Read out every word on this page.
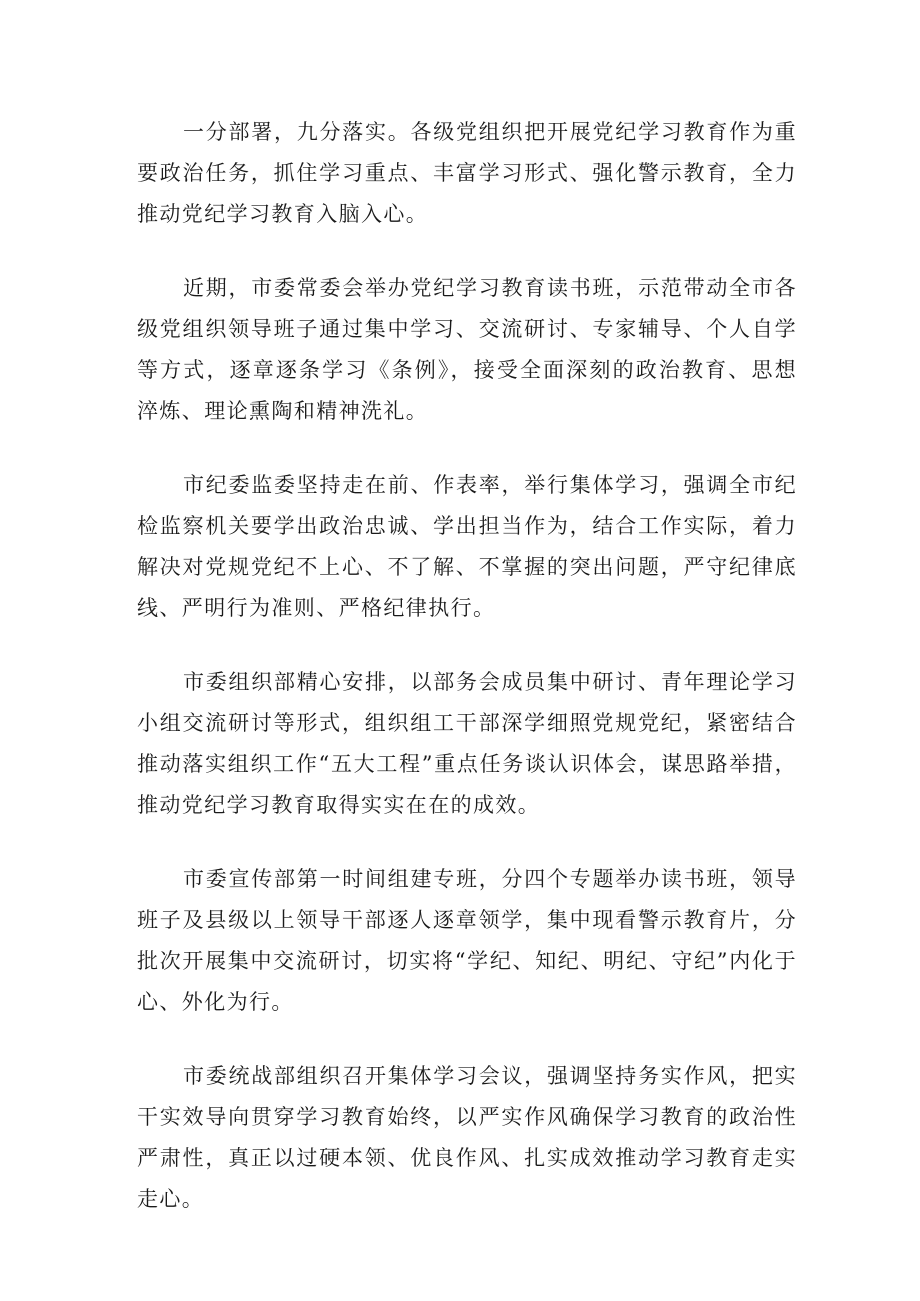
一分部署，九分落实。各级党组织把开展党纪学习教育作为重要政治任务，抓住学习重点、丰富学习形式、强化警示教育，全力推动党纪学习教育入脑入心。

近期，市委常委会举办党纪学习教育读书班，示范带动全市各级党组织领导班子通过集中学习、交流研讨、专家辅导、个人自学等方式，逐章逐条学习《条例》，接受全面深刻的政治教育、思想淬炼、理论熏陶和精神洗礼。

市纪委监委坚持走在前、作表率，举行集体学习，强调全市纪检监察机关要学出政治忠诚、学出担当作为，结合工作实际，着力解决对党规党纪不上心、不了解、不掌握的突出问题，严守纪律底线、严明行为准则、严格纪律执行。

市委组织部精心安排，以部务会成员集中研讨、青年理论学习小组交流研讨等形式，组织组工干部深学细照党规党纪，紧密结合推动落实组织工作“五大工程”重点任务谈认识体会，谋思路举措，推动党纪学习教育取得实实在在的成效。

市委宣传部第一时间组建专班，分四个专题举办读书班，领导班子及县级以上领导干部逐人逐章领学，集中现看警示教育片，分批次开展集中交流研讨，切实将“学纪、知纪、明纪、守纪”内化于心、外化为行。

市委统战部组织召开集体学习会议，强调坚持务实作风，把实干实效导向贯穿学习教育始终，以严实作风确保学习教育的政治性严肃性，真正以过硬本领、优良作风、扎实成效推动学习教育走实走心。
